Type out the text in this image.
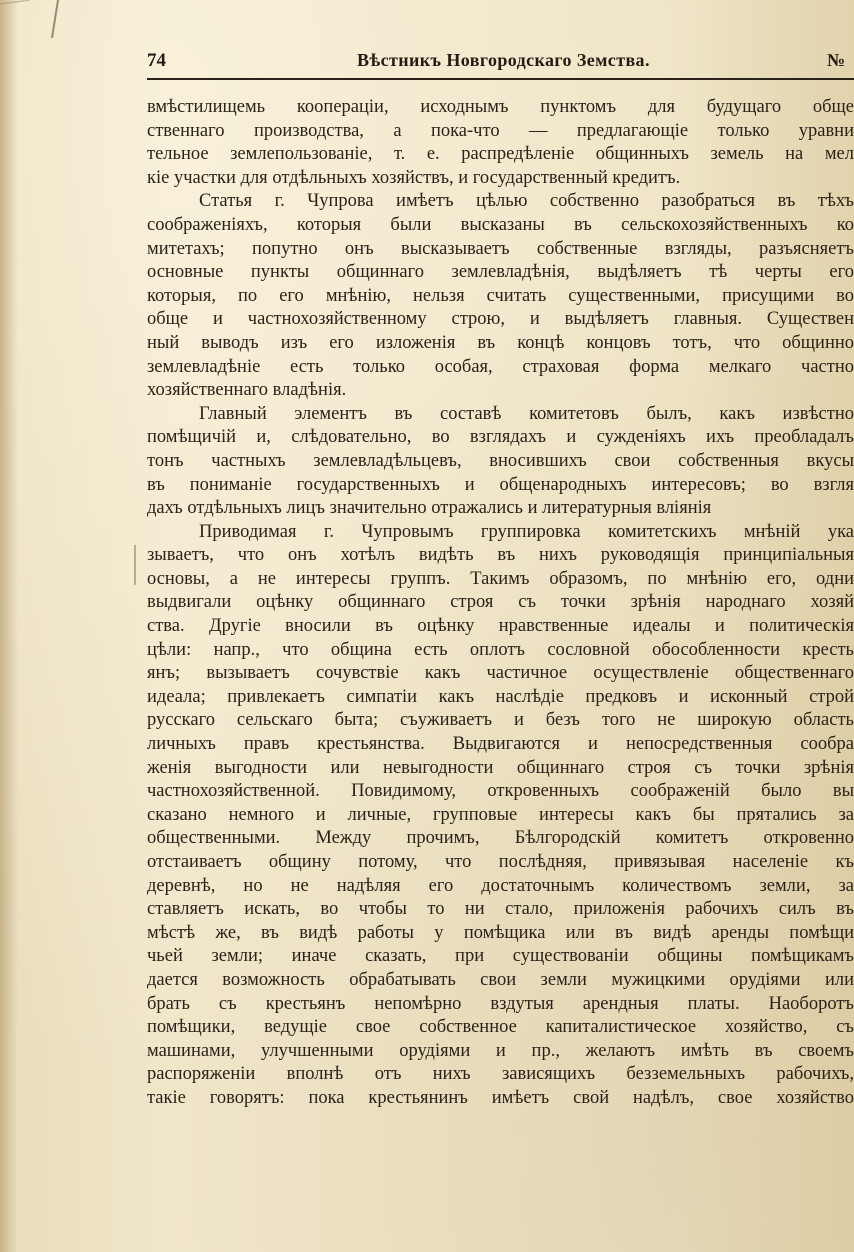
74	Вѣстникъ Новгородскаго Земства.	№
вмѣстилищемь коопераціи, исходнымъ пунктомъ для будущаго обще
ственнаго производства, а пока-что — предлагающіе только уравни
тельное землепользованіе, т. е. распредѣленіе общинныхъ земель на мел
кіе участки для отдѣльныхъ хозяйствъ, и государственный кредитъ.
Статья г. Чупрова имѣетъ цѣлью собственно разобраться въ тѣхъ
соображеніяхъ, которыя были высказаны въ сельскохозяйственныхъ ко
митетахъ; попутно онъ высказываетъ собственные взгляды, разъясняетъ
основные пункты общиннаго землевладѣнія, выдѣляетъ тѣ черты его
которыя, по его мнѣнію, нельзя считать существенными, присущими во
обще и частнохозяйственному строю, и выдѣляетъ главныя. Существен
ный выводъ изъ его изложенія въ концѣ концовъ тотъ, что общинно
землевладѣніе есть только особая, страховая форма мелкаго частно
хозяйственнаго владѣнія.
Главный элементъ въ составѣ комитетовъ былъ, какъ извѣстно
помѣщичій и, слѣдовательно, во взглядахъ и сужденіяхъ ихъ преобладалъ
тонъ частныхъ землевладѣльцевъ, вносившихъ свои собственныя вкусы
въ пониманіе государственныхъ и общенародныхъ интересовъ; во взгля
дахъ отдѣльныхъ лицъ значительно отражались и литературныя вліянія
Приводимая г. Чупровымъ группировка комитетскихъ мнѣній ука
зываетъ, что онъ хотѣлъ видѣть въ нихъ руководящія принципіальныя
основы, а не интересы группъ. Такимъ образомъ, по мнѣнію его, одни
выдвигали оцѣнку общиннаго строя съ точки зрѣнія народнаго хозяй
ства. Другіе вносили въ оцѣнку нравственные идеалы и политическія
цѣли: напр., что община есть оплотъ сословной обособленности кресть
янъ; вызываетъ сочувствіе какъ частичное осуществленіе общественнаго
идеала; привлекаетъ симпатіи какъ наслѣдіе предковъ и исконный строй
русскаго сельскаго быта; съуживаетъ и безъ того не широкую область
личныхъ правъ крестьянства. Выдвигаются и непосредственныя сообра
женія выгодности или невыгодности общиннаго строя съ точки зрѣнія
частнохозяйственной. Повидимому, откровенныхъ соображеній было вы
сказано немного и личные, групповые интересы какъ бы прятались за
общественными. Между прочимъ, Бѣлгородскій комитетъ откровенно
отстаиваетъ общину потому, что послѣдняя, привязывая населеніе къ
деревнѣ, но не надѣляя его достаточнымъ количествомъ земли, за
ставляетъ искать, во чтобы то ни стало, приложенія рабочихъ силъ въ
мѣстѣ же, въ видѣ работы у помѣщика или въ видѣ аренды помѣщи
чьей земли; иначе сказать, при существованіи общины помѣщикамъ
дается возможность обрабатывать свои земли мужицкими орудіями или
брать съ крестьянъ непомѣрно вздутыя арендныя платы. Наоборотъ
помѣщики, ведущіе свое собственное капиталистическое хозяйство, съ
машинами, улучшенными орудіями и пр., желаютъ имѣть въ своемъ
распоряженіи вполнѣ отъ нихъ зависящихъ безземельныхъ рабочихъ,
такіе говорятъ: пока крестьянинъ имѣетъ свой надѣлъ, свое хозяйство
